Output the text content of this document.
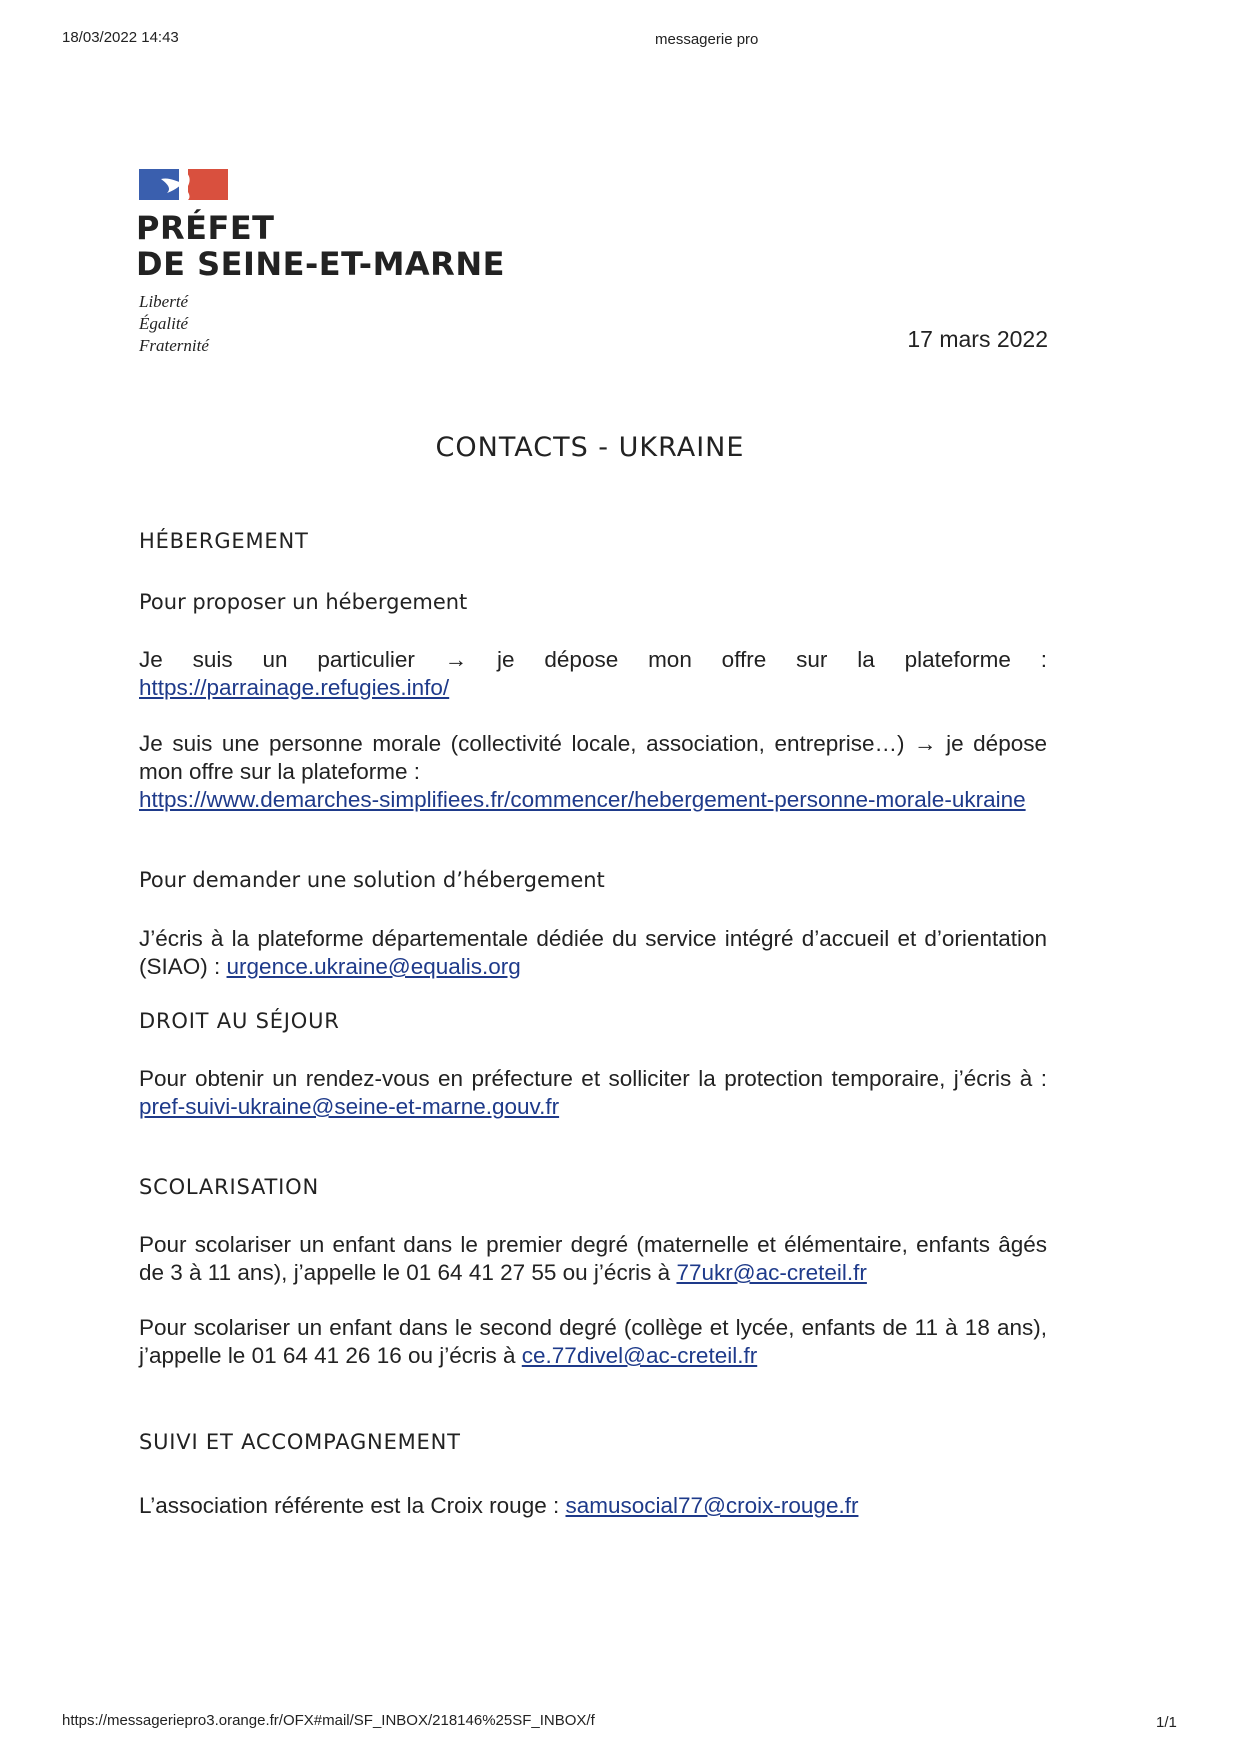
18/03/2022 14:43	messagerie pro
PRÉFET
DE SEINE-ET-MARNE
Liberté
Égalité
Fraternité	17 mars 2022
CONTACTS - UKRAINE
HÉBERGEMENT
Pour proposer un hébergement
Je suis un particulier → je dépose mon offre sur la plateforme :
https://parrainage.refugies.info/
Je suis une personne morale (collectivité locale, association, entreprise…) → je dépose mon offre sur la plateforme :
https://www.demarches-simplifiees.fr/commencer/hebergement-personne-morale-ukraine
Pour demander une solution d’hébergement
J’écris à la plateforme départementale dédiée du service intégré d’accueil et d’orientation (SIAO) : urgence.ukraine@equalis.org
DROIT AU SÉJOUR
Pour obtenir un rendez-vous en préfecture et solliciter la protection temporaire, j’écris à : pref-suivi-ukraine@seine-et-marne.gouv.fr
SCOLARISATION
Pour scolariser un enfant dans le premier degré (maternelle et élémentaire, enfants âgés de 3 à 11 ans), j’appelle le 01 64 41 27 55 ou j’écris à 77ukr@ac-creteil.fr
Pour scolariser un enfant dans le second degré (collège et lycée, enfants de 11 à 18 ans), j’appelle le 01 64 41 26 16 ou j’écris à ce.77divel@ac-creteil.fr
SUIVI ET ACCOMPAGNEMENT
L’association référente est la Croix rouge : samusocial77@croix-rouge.fr
https://messageriepro3.orange.fr/OFX#mail/SF_INBOX/218146%25SF_INBOX/f	1/1
